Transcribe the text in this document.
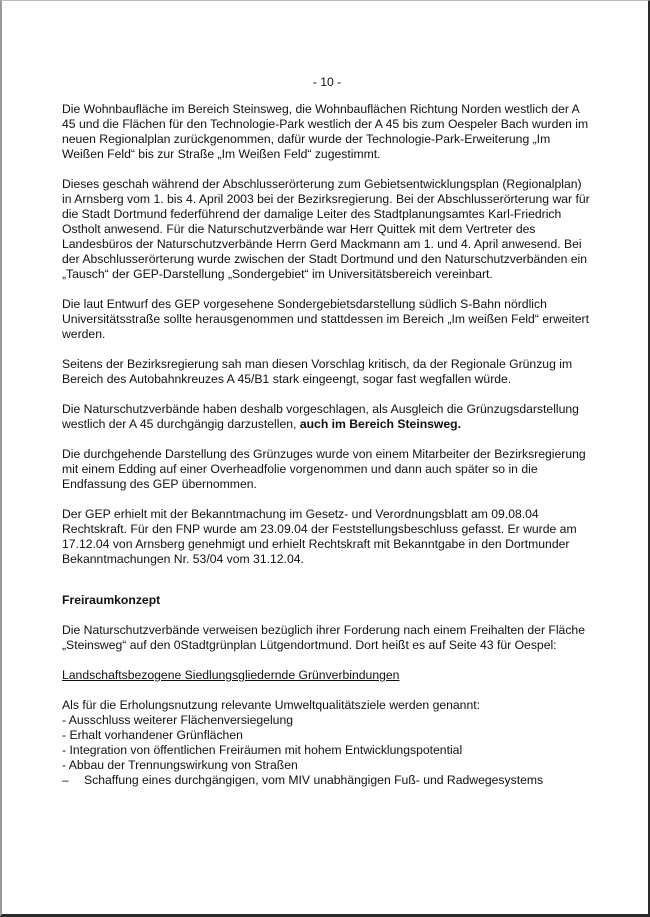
- 10 -

Die Wohnbaufläche im Bereich Steinsweg, die Wohnbauflächen Richtung Norden westlich der A 45 und die Flächen für den Technologie-Park westlich der A 45 bis zum Oespeler Bach wurden im neuen Regionalplan zurückgenommen, dafür wurde der Technologie-Park-Erweiterung „Im Weißen Feld“ bis zur Straße „Im Weißen Feld“ zugestimmt.

Dieses geschah während der Abschlusserörterung zum Gebietsentwicklungsplan (Regionalplan) in Arnsberg vom 1. bis 4. April 2003 bei der Bezirksregierung. Bei der Abschlusserörterung war für die Stadt Dortmund federführend der damalige Leiter des Stadtplanungsamtes Karl-Friedrich Ostholt anwesend. Für die Naturschutzverbände war Herr Quittek mit dem Vertreter des Landesbüros der Naturschutzverbände Herrn Gerd Mackmann am 1. und 4. April anwesend. Bei der Abschlusserörterung wurde zwischen der Stadt Dortmund und den Naturschutzverbänden ein „Tausch“ der GEP-Darstellung „Sondergebiet“ im Universitätsbereich vereinbart.

Die laut Entwurf des GEP vorgesehene Sondergebietsdarstellung südlich S-Bahn nördlich Universitätsstraße sollte herausgenommen und stattdessen im Bereich „Im weißen Feld“ erweitert werden.

Seitens der Bezirksregierung sah man diesen Vorschlag kritisch, da der Regionale Grünzug im Bereich des Autobahnkreuzes A 45/B1 stark eingeengt, sogar fast wegfallen würde.

Die Naturschutzverbände haben deshalb vorgeschlagen, als Ausgleich die Grünzugsdarstellung westlich der A 45 durchgängig darzustellen, auch im Bereich Steinsweg.

Die durchgehende Darstellung des Grünzuges wurde von einem Mitarbeiter der Bezirksregierung mit einem Edding auf einer Overheadfolie vorgenommen und dann auch später so in die Endfassung des GEP übernommen.

Der GEP erhielt mit der Bekanntmachung im Gesetz- und Verordnungsblatt am 09.08.04 Rechtskraft. Für den FNP wurde am 23.09.04 der Feststellungsbeschluss gefasst. Er wurde am 17.12.04 von Arnsberg genehmigt und erhielt Rechtskraft mit Bekanntgabe in den Dortmunder Bekanntmachungen Nr. 53/04 vom 31.12.04.

Freiraumkonzept

Die Naturschutzverbände verweisen bezüglich ihrer Forderung nach einem Freihalten der Fläche „Steinsweg“ auf den 0Stadtgrünplan Lütgendortmund. Dort heißt es auf Seite 43 für Oespel:

Landschaftsbezogene Siedlungsgliedernde Grünverbindungen
Als für die Erholungsnutzung relevante Umweltqualitätsziele werden genannt:
- Ausschluss weiterer Flächenversiegelung
- Erhalt vorhandener Grünflächen
- Integration von öffentlichen Freiräumen mit hohem Entwicklungspotential
- Abbau der Trennungswirkung von Straßen
– Schaffung eines durchgängigen, vom MIV unabhängigen Fuß- und Radwegesystems
